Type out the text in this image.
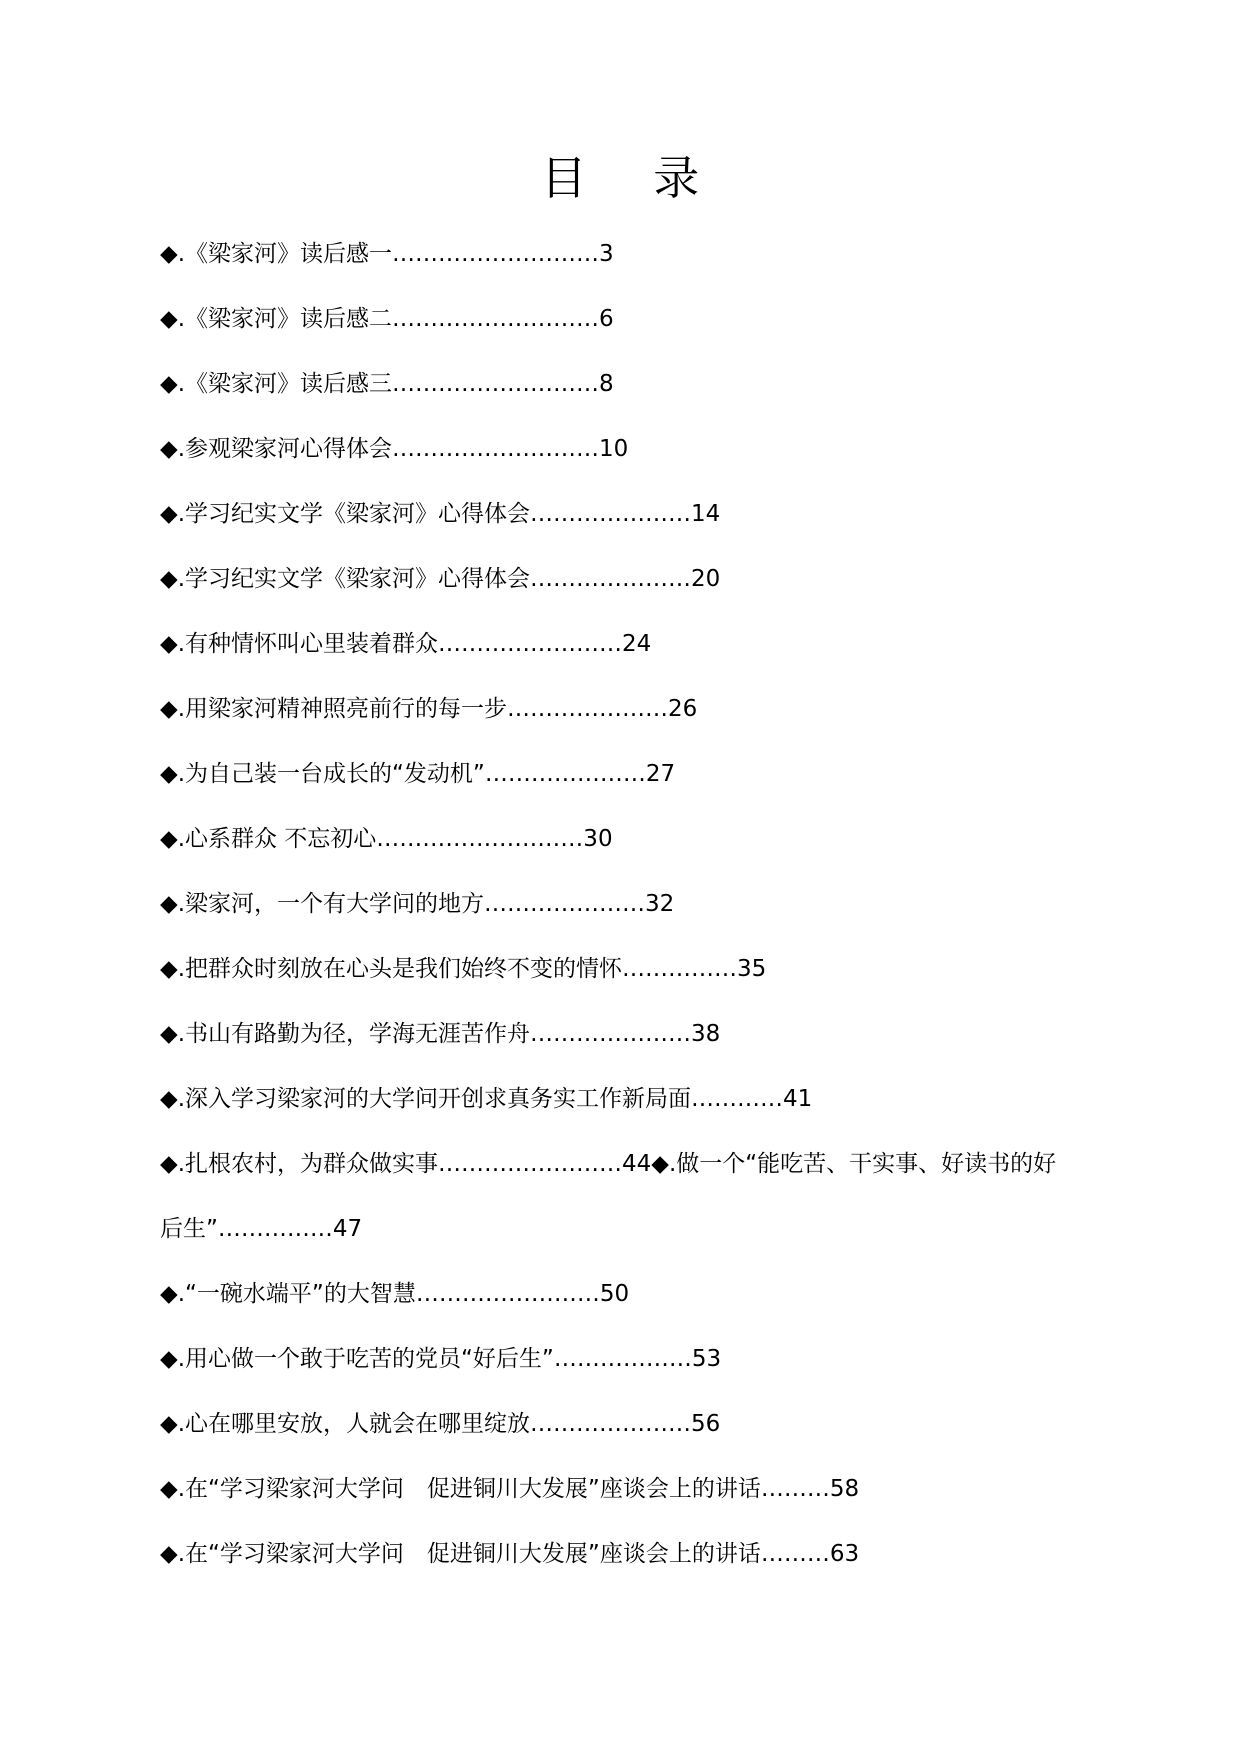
目 录
◆.《梁家河》读后感一………………………3
◆.《梁家河》读后感二………………………6
◆.《梁家河》读后感三………………………8
◆.参观梁家河心得体会………………………10
◆.学习纪实文学《梁家河》心得体会…………………14
◆.学习纪实文学《梁家河》心得体会…………………20
◆.有种情怀叫心里装着群众……………………24
◆.用梁家河精神照亮前行的每一步…………………26
◆.为自己装一台成长的“发动机”…………………27
◆.心系群众 不忘初心………………………30
◆.梁家河，一个有大学问的地方…………………32
◆.把群众时刻放在心头是我们始终不变的情怀……………35
◆.书山有路勤为径，学海无涯苦作舟…………………38
◆.深入学习梁家河的大学问开创求真务实工作新局面…………41
◆.扎根农村，为群众做实事……………………44◆.做一个“能吃苦、干实事、好读书的好
后生”……………47
◆.“一碗水端平”的大智慧……………………50
◆.用心做一个敢于吃苦的党员“好后生”………………53
◆.心在哪里安放，人就会在哪里绽放…………………56
◆.在“学习梁家河大学问　促进铜川大发展”座谈会上的讲话………58
◆.在“学习梁家河大学问　促进铜川大发展”座谈会上的讲话………63
